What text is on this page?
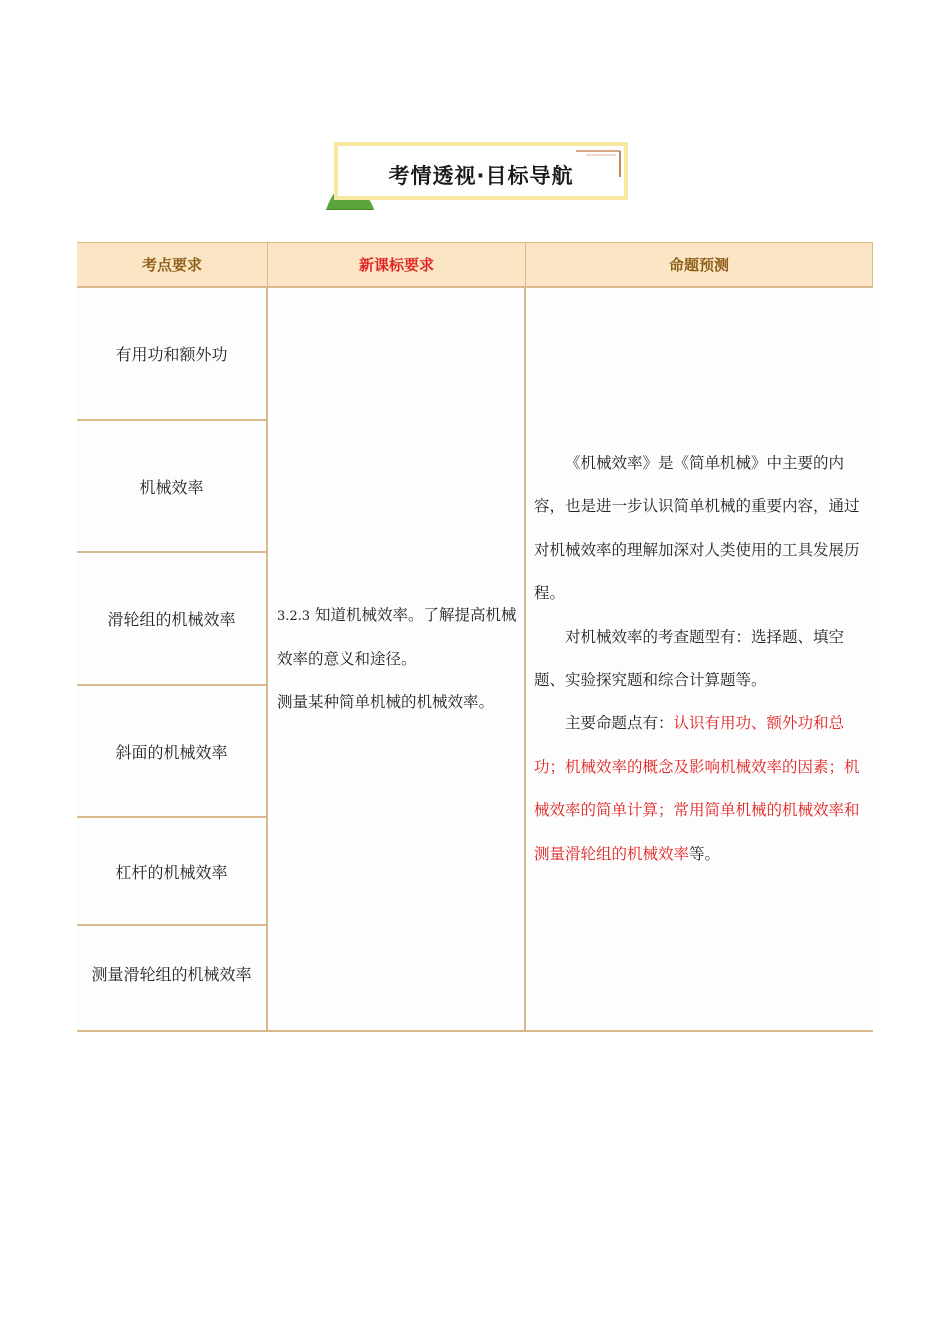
考情透视·目标导航
考点要求	新课标要求	命题预测
有用功和额外功
机械效率
滑轮组的机械效率
斜面的机械效率
杠杆的机械效率
测量滑轮组的机械效率
3.2.3 知道机械效率。了解提高机械效率的意义和途径。
测量某种简单机械的机械效率。

《机械效率》是《简单机械》中主要的内容，也是进一步认识简单机械的重要内容，通过对机械效率的理解加深对人类使用的工具发展历程。

对机械效率的考查题型有：选择题、填空题、实验探究题和综合计算题等。

主要命题点有：认识有用功、额外功和总功；机械效率的概念及影响机械效率的因素；机械效率的简单计算；常用简单机械的机械效率和测量滑轮组的机械效率等。
